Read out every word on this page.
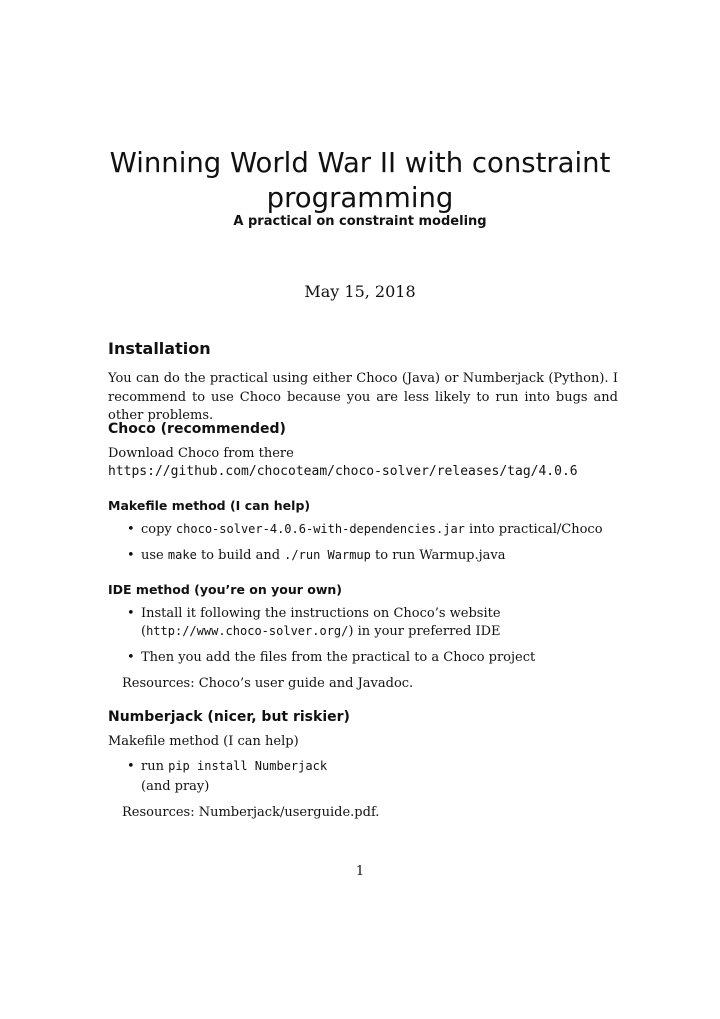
Winning World War II with constraint
programming
A practical on constraint modeling
May 15, 2018
Installation
You can do the practical using either Choco (Java) or Numberjack (Python). I recommend to use Choco because you are less likely to run into bugs and other problems.
Choco (recommended)
Download Choco from there
https://github.com/chocoteam/choco-solver/releases/tag/4.0.6
Makefile method (I can help)
• copy choco-solver-4.0.6-with-dependencies.jar into practical/Choco
• use make to build and ./run Warmup to run Warmup.java
IDE method (you’re on your own)
• Install it following the instructions on Choco’s website
(http://www.choco-solver.org/) in your preferred IDE
• Then you add the files from the practical to a Choco project
Resources: Choco’s user guide and Javadoc.
Numberjack (nicer, but riskier)
Makefile method (I can help)
• run pip install Numberjack
(and pray)
Resources: Numberjack/userguide.pdf.
1
